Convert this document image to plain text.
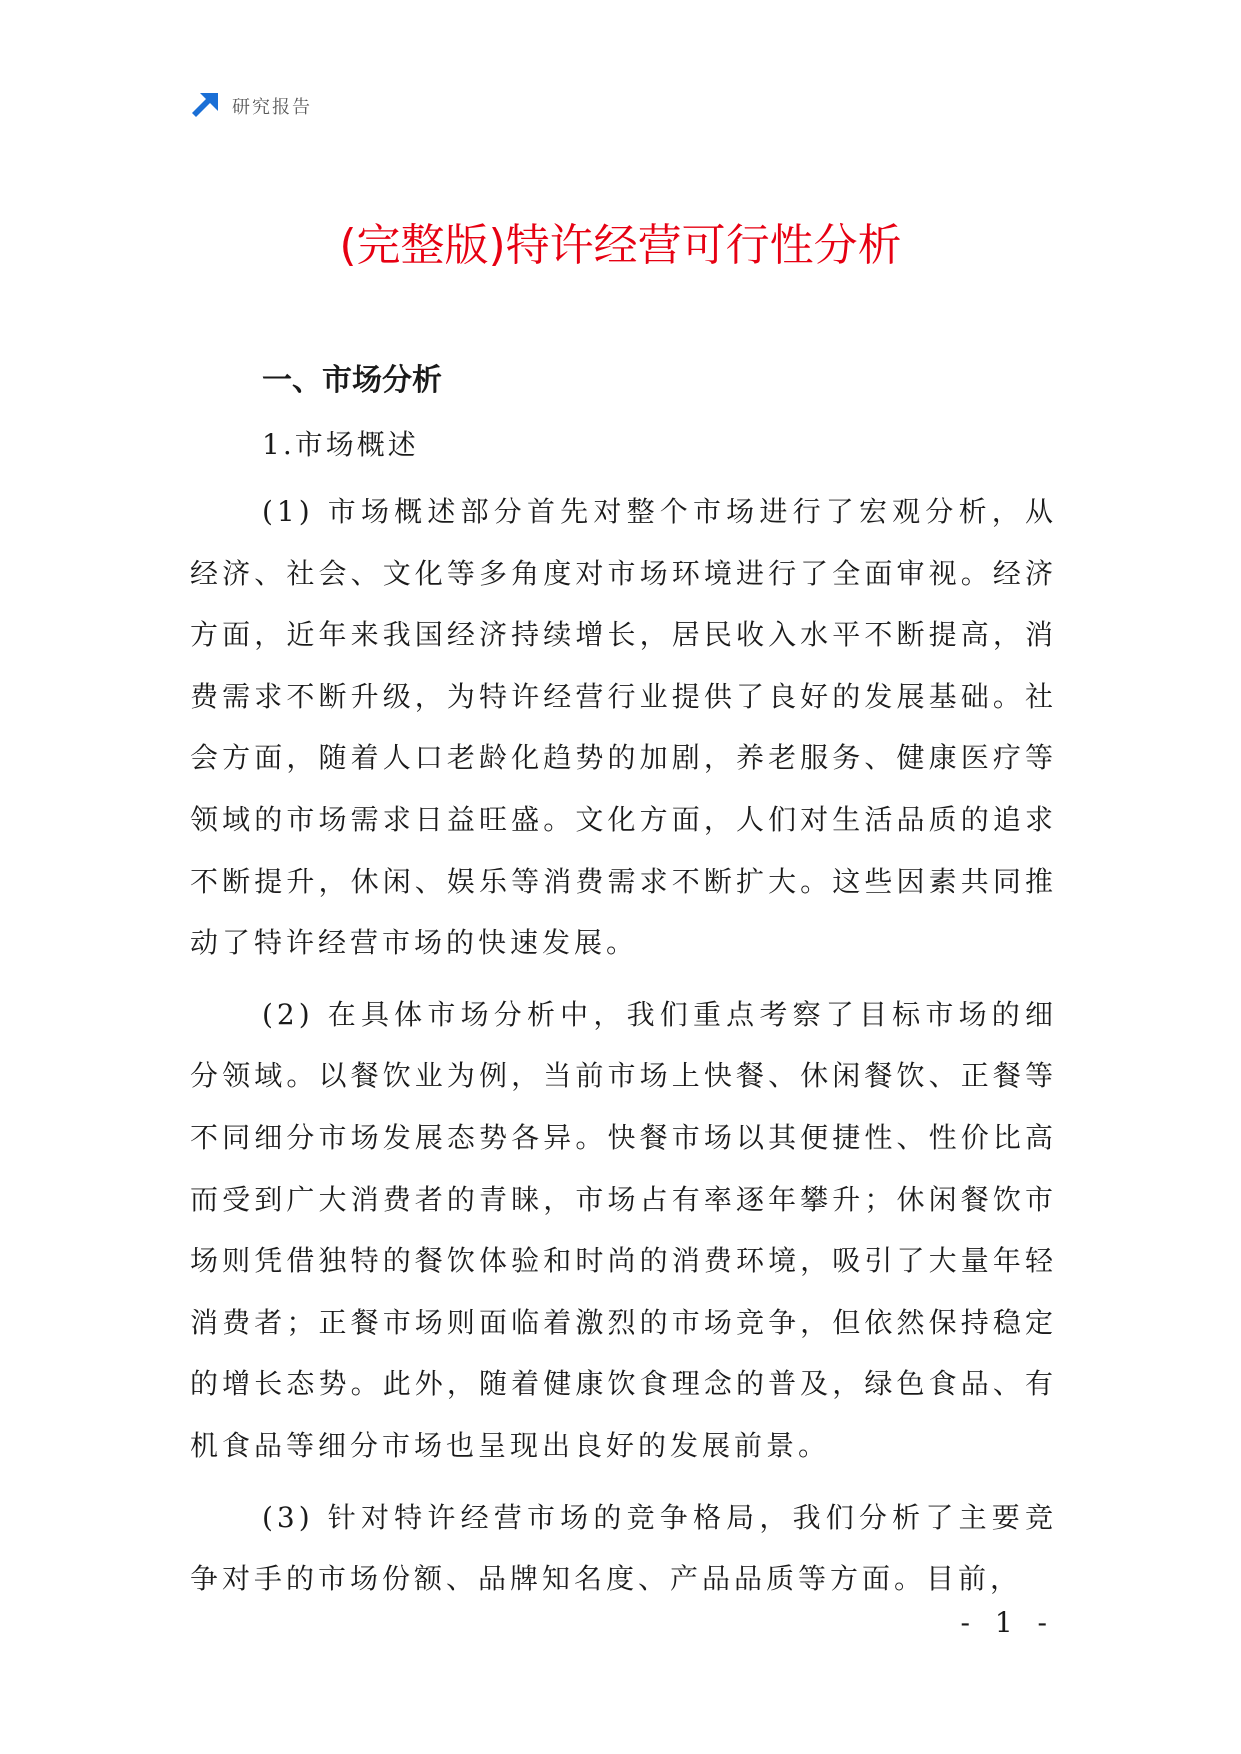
研究报告
(完整版)特许经营可行性分析
一、市场分析
1.市场概述

(1) 市场概述部分首先对整个市场进行了宏观分析，从经济、社会、文化等多角度对市场环境进行了全面审视。经济方面，近年来我国经济持续增长，居民收入水平不断提高，消费需求不断升级，为特许经营行业提供了良好的发展基础。社会方面，随着人口老龄化趋势的加剧，养老服务、健康医疗等领域的市场需求日益旺盛。文化方面，人们对生活品质的追求不断提升，休闲、娱乐等消费需求不断扩大。这些因素共同推动了特许经营市场的快速发展。

(2) 在具体市场分析中，我们重点考察了目标市场的细分领域。以餐饮业为例，当前市场上快餐、休闲餐饮、正餐等不同细分市场发展态势各异。快餐市场以其便捷性、性价比高而受到广大消费者的青睐，市场占有率逐年攀升；休闲餐饮市场则凭借独特的餐饮体验和时尚的消费环境，吸引了大量年轻消费者；正餐市场则面临着激烈的市场竞争，但依然保持稳定的增长态势。此外，随着健康饮食理念的普及，绿色食品、有机食品等细分市场也呈现出良好的发展前景。

(3) 针对特许经营市场的竞争格局，我们分析了主要竞争对手的市场份额、品牌知名度、产品品质等方面。目前，

- 1 -
